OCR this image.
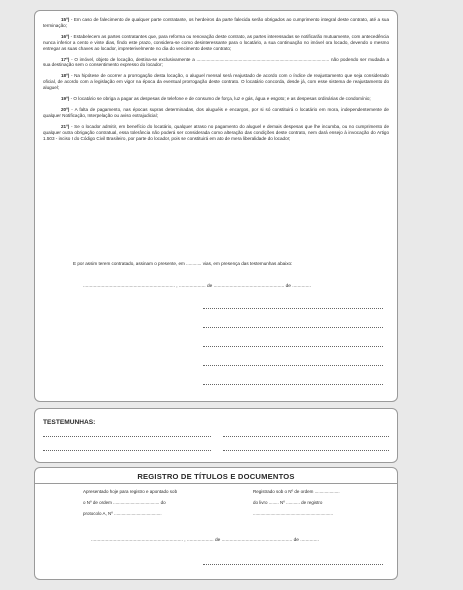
15º) - Em caso de falecimento de qualquer parte contratante, os herdeiros da parte falecida serão obrigados ao cumprimento integral deste contrato, até a sua terminação;

16º) - Estabelecem as partes contratantes que, para reforma ou renovação deste contrato, as partes interessadas se notificarão mutuamente, com antecedência nunca inferior a cento e vinte dias, findo este prazo, considera-se como desinteressante para o locatário, a sua continuação no imóvel ora locado, devendo o mesmo entregar as suas chaves ao locador, impreterivelmente no dia do vencimento deste contrato;

17º) - O imóvel, objeto de locação, destina-se exclusivamente a ........................................................................................................ não podendo ser mudada a sua destinação sem o consentimento expresso do locador;

18º) - Na hipótese de ocorrer a prorrogação desta locação, o aluguel mensal será reajustado de acordo com o índice de reajustamento que seja considerado oficial, de acordo com a legislação em vigor na época da eventual prorrogação deste contrato. O locatário concorda, desde já, com esse sistema de reajustamento do aluguel;

19º) - O locatário se obriga a pagar as despesas de telefone e de consumo de força, luz e gás, água e esgoto; e as despesas ordinárias de condomínio;

20º) - A falta de pagamento, nas épocas supras determinadas, dos aluguéis e encargos, por si só constituirá o locatário em mora, independentemente de qualquer Notificação, Interpelação ou aviso extrajudicial;

21º) - Se o locador admitir, em benefício do locatário, qualquer atraso no pagamento do aluguel e demais despesas que lhe incumba, ou no cumprimento de qualquer outra obrigação contratual, essa tolerância não poderá ser considerada como alteração das condições deste contrato, nem dará ensejo à invocação do Artigo 1.503 - inciso I do Código Civil Brasileiro, por parte do locador, pois se constituirá em ato de mera liberalidade do locador;

E por assim terem contratado, assinam o presente, em ............ vias, em presença das testemunhas abaixo:
..................................................................... , .................... de ..................................................... de ..............
TESTEMUNHAS:
REGISTRO DE TÍTULOS E DOCUMENTOS
Apresentado hoje para registro e apontado sob
o Nº de ordem ..................................... do
protocolo A, Nº ......................................
Registrado sob o Nº de ordem ....................
do livro ........ Nº ........... de registro
................................................................
..................................................................... , .................... de ..................................................... de ..............
